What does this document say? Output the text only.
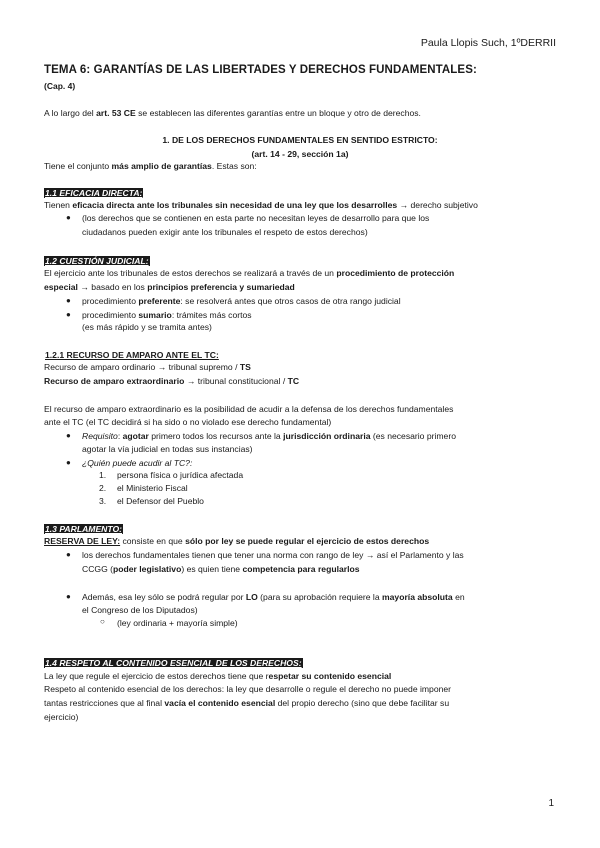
Paula Llopis Such, 1ºDERRII
TEMA 6: GARANTÍAS DE LAS LIBERTADES Y DERECHOS FUNDAMENTALES:
(Cap. 4)
A lo largo del art. 53 CE se establecen las diferentes garantías entre un bloque y otro de derechos.
1. DE LOS DERECHOS FUNDAMENTALES EN SENTIDO ESTRICTO:
(art. 14 - 29, sección 1a)
Tiene el conjunto más amplio de garantías. Estas son:
1.1 EFICACIA DIRECTA:
Tienen eficacia directa ante los tribunales sin necesidad de una ley que los desarrolles → derecho subjetivo
● (los derechos que se contienen en esta parte no necesitan leyes de desarrollo para que los
ciudadanos pueden exigir ante los tribunales el respeto de estos derechos)
1.2 CUESTIÓN JUDICIAL:
El ejercicio ante los tribunales de estos derechos se realizará a través de un procedimiento de protección
especial → basado en los principios preferencia y sumariedad
● procedimiento preferente: se resolverá antes que otros casos de otra rango judicial
● procedimiento sumario: trámites más cortos
(es más rápido y se tramita antes)
1.2.1 RECURSO DE AMPARO ANTE EL TC:
Recurso de amparo ordinario → tribunal supremo / TS
Recurso de amparo extraordinario → tribunal constitucional / TC
El recurso de amparo extraordinario es la posibilidad de acudir a la defensa de los derechos fundamentales
ante el TC (el TC decidirá si ha sido o no violado ese derecho fundamental)
● Requisito: agotar primero todos los recursos ante la jurisdicción ordinaria (es necesario primero
agotar la vía judicial en todas sus instancias)
● ¿Quién puede acudir al TC?:
1. persona física o jurídica afectada
2. el Ministerio Fiscal
3. el Defensor del Pueblo
1.3 PARLAMENTO:
RESERVA DE LEY: consiste en que sólo por ley se puede regular el ejercicio de estos derechos
● los derechos fundamentales tienen que tener una norma con rango de ley → así el Parlamento y las
CCGG (poder legislativo) es quien tiene competencia para regularlos
● Además, esa ley sólo se podrá regular por LO (para su aprobación requiere la mayoría absoluta en
el Congreso de los Diputados)
○ (ley ordinaria + mayoría simple)
1.4 RESPETO AL CONTENIDO ESENCIAL DE LOS DERECHOS:
La ley que regule el ejercicio de estos derechos tiene que respetar su contenido esencial
Respeto al contenido esencial de los derechos: la ley que desarrolle o regule el derecho no puede imponer
tantas restricciones que al final vacía el contenido esencial del propio derecho (sino que debe facilitar su
ejercicio)
1
